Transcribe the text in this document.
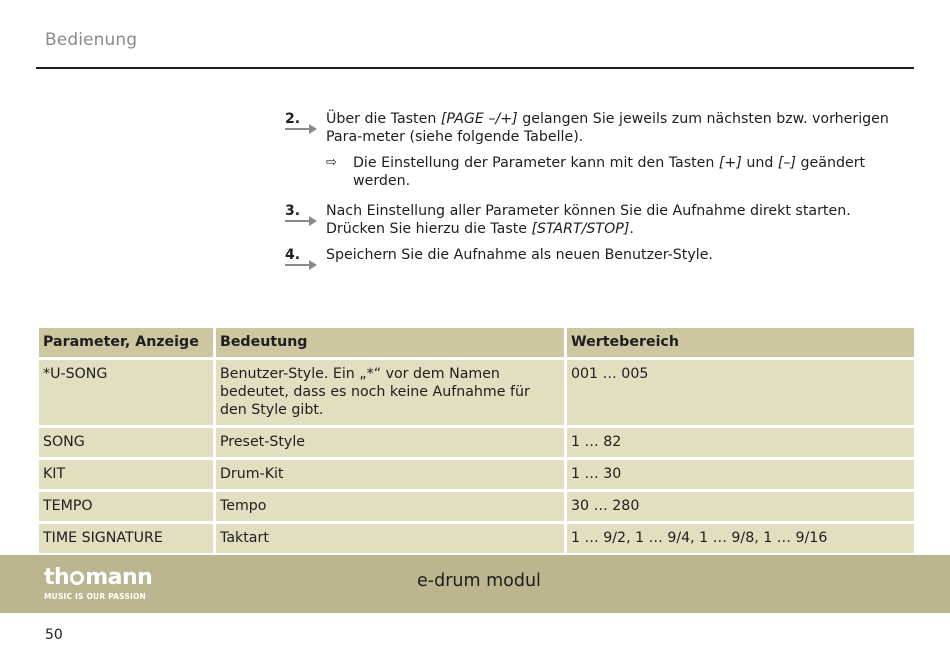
Bedienung
2. Über die Tasten [PAGE –/+] gelangen Sie jeweils zum nächsten bzw. vorherigen Para-meter (siehe folgende Tabelle).
⇨ Die Einstellung der Parameter kann mit den Tasten [+] und [–] geändert werden.
3. Nach Einstellung aller Parameter können Sie die Aufnahme direkt starten. Drücken Sie hierzu die Taste [START/STOP].
4. Speichern Sie die Aufnahme als neuen Benutzer-Style.
Parameter, Anzeige	Bedeutung	Wertebereich
*U-SONG	Benutzer-Style. Ein „*“ vor dem Namen bedeutet, dass es noch keine Aufnahme für den Style gibt.	001 … 005
SONG	Preset-Style	1 … 82
KIT	Drum-Kit	1 … 30
TEMPO	Tempo	30 … 280
TIME SIGNATURE	Taktart	1 … 9/2, 1 … 9/4, 1 … 9/8, 1 … 9/16
th mann
MUSIC IS OUR PASSION
e-drum modul
50
